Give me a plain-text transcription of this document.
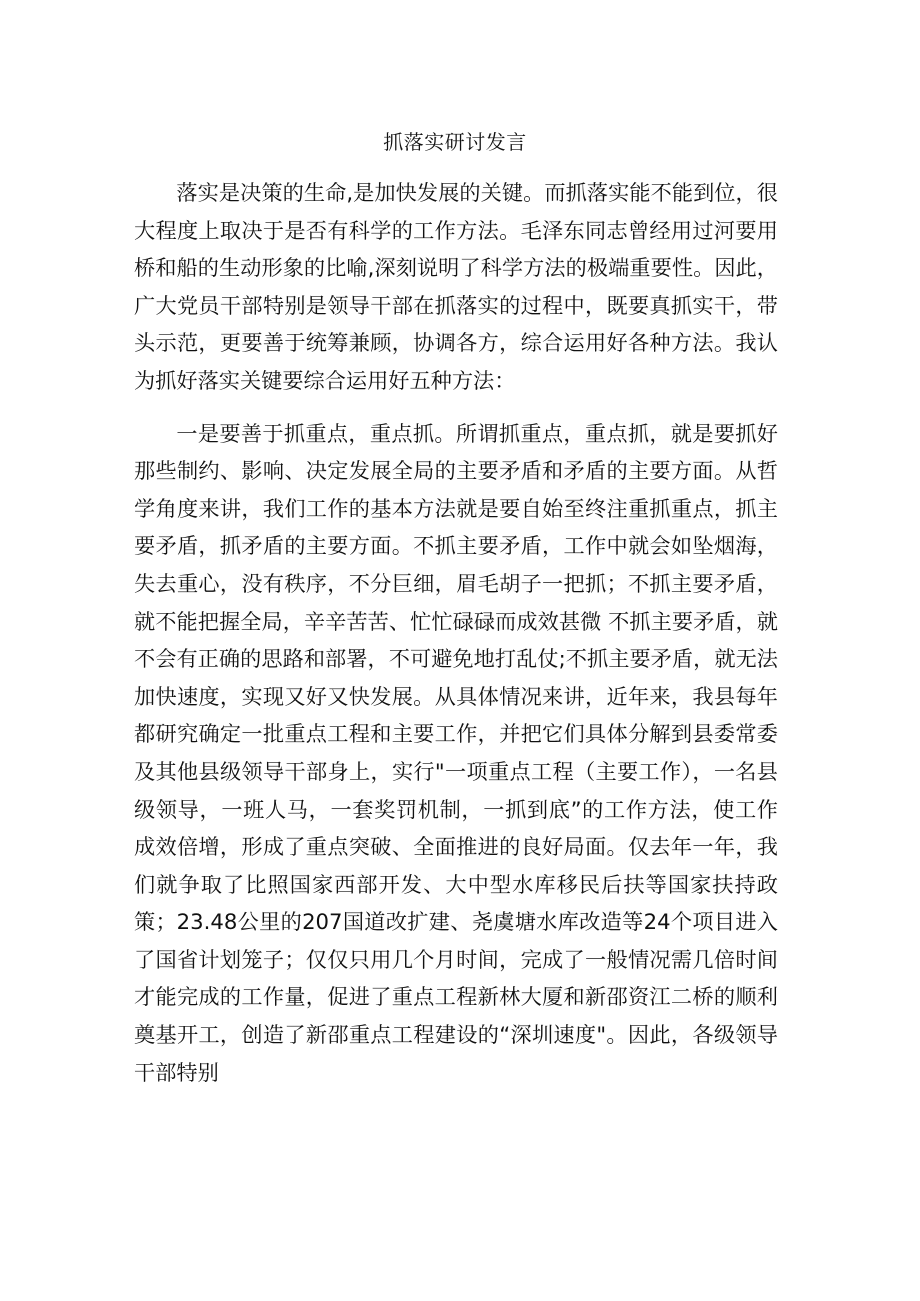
抓落实研讨发言

落实是决策的生命,是加快发展的关键。而抓落实能不能到位，很大程度上取决于是否有科学的工作方法。毛泽东同志曾经用过河要用桥和船的生动形象的比喻,深刻说明了科学方法的极端重要性。因此，广大党员干部特别是领导干部在抓落实的过程中，既要真抓实干，带头示范，更要善于统筹兼顾，协调各方，综合运用好各种方法。我认为抓好落实关键要综合运用好五种方法：

一是要善于抓重点，重点抓。所谓抓重点，重点抓，就是要抓好那些制约、影响、决定发展全局的主要矛盾和矛盾的主要方面。从哲学角度来讲，我们工作的基本方法就是要自始至终注重抓重点，抓主要矛盾，抓矛盾的主要方面。不抓主要矛盾，工作中就会如坠烟海，失去重心，没有秩序，不分巨细，眉毛胡子一把抓；不抓主要矛盾，就不能把握全局，辛辛苦苦、忙忙碌碌而成效甚微 不抓主要矛盾，就不会有正确的思路和部署，不可避免地打乱仗;不抓主要矛盾，就无法加快速度，实现又好又快发展。从具体情况来讲，近年来，我县每年都研究确定一批重点工程和主要工作，并把它们具体分解到县委常委及其他县级领导干部身上，实行"一项重点工程（主要工作），一名县级领导，一班人马，一套奖罚机制，一抓到底”的工作方法，使工作成效倍增，形成了重点突破、全面推进的良好局面。仅去年一年，我们就争取了比照国家西部开发、大中型水库移民后扶等国家扶持政策；23.48公里的207国道改扩建、尧虞塘水库改造等24个项目进入了国省计划笼子；仅仅只用几个月时间，完成了一般情况需几倍时间才能完成的工作量，促进了重点工程新林大厦和新邵资江二桥的顺利奠基开工，创造了新邵重点工程建设的“深圳速度"。因此，各级领导干部特别
